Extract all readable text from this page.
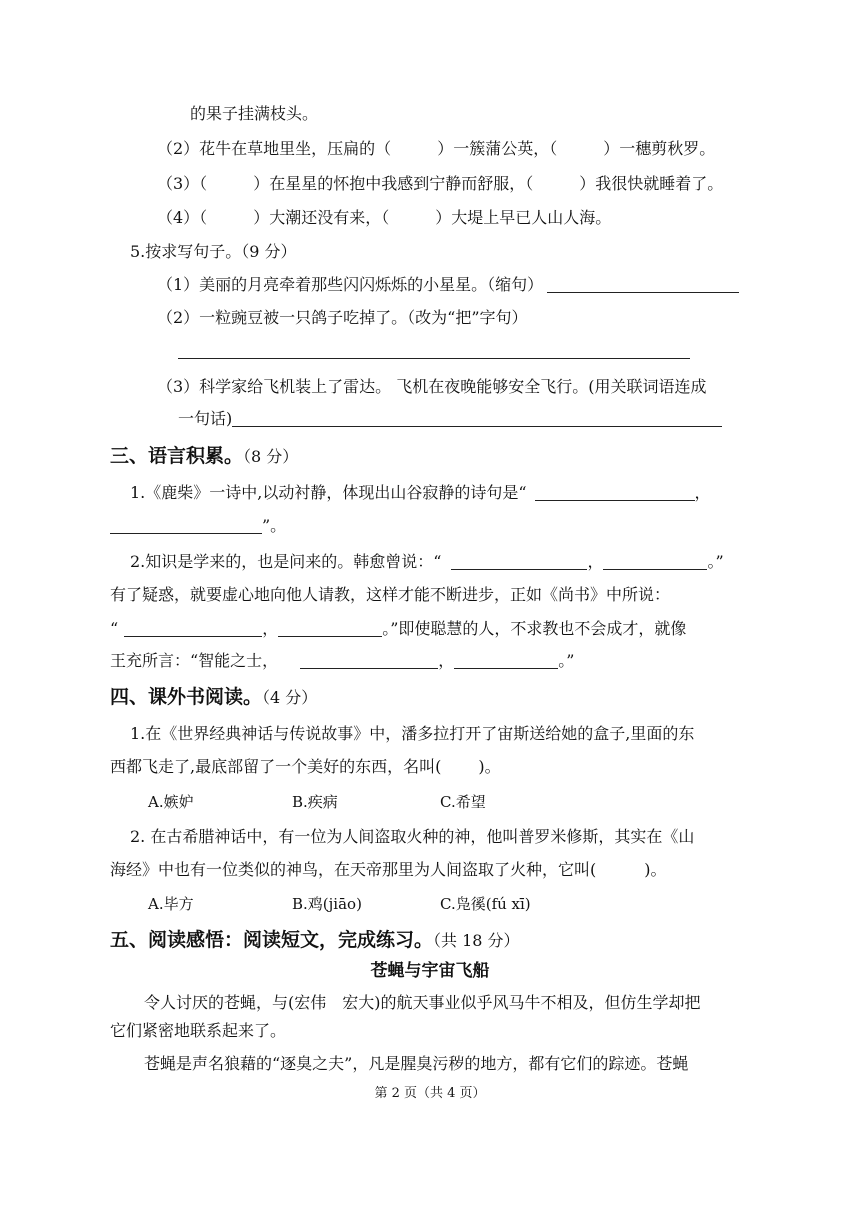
的果子挂满枝头。
（2）花牛在草地里坐，压扁的（	）一簇蒲公英，（	）一穗剪秋罗。
（3）（	）在星星的怀抱中我感到宁静而舒服，（	）我很快就睡着了。
（4）（	）大潮还没有来，（	）大堤上早已人山人海。
5.按求写句子。（9 分）
（1）美丽的月亮牵着那些闪闪烁烁的小星星。（缩句）
（2）一粒豌豆被一只鸽子吃掉了。（改为“把”字句）
（3）科学家给飞机装上了雷达。 飞机在夜晚能够安全飞行。(用关联词语连成
一句话)
三、语言积累。（8 分）
1.《鹿柴》一诗中,以动衬静，体现出山谷寂静的诗句是“	，
”。
2.知识是学来的，也是问来的。韩愈曾说：“	，	。”
有了疑惑，就要虚心地向他人请教，这样才能不断进步，正如《尚书》中所说：
“	，	。”即使聪慧的人，不求教也不会成才，就像
王充所言：“智能之士，	，	。”
四、课外书阅读。（4 分）
1.在《世界经典神话与传说故事》中，潘多拉打开了宙斯送给她的盒子,里面的东
西都飞走了,最底部留了一个美好的东西，名叫(　　 )。
A.嫉妒	B.疾病	C.希望
2. 在古希腊神话中，有一位为人间盗取火种的神，他叫普罗米修斯，其实在《山
海经》中也有一位类似的神鸟，在天帝那里为人间盗取了火种，它叫(　　　)。
A.毕方	B.鸡(jiāo)	C.凫徯(fú xī)
五、阅读感悟：阅读短文，完成练习。（共 18 分）
苍蝇与宇宙飞船
令人讨厌的苍蝇，与(宏伟　宏大)的航天事业似乎风马牛不相及，但仿生学却把
它们紧密地联系起来了。
苍蝇是声名狼藉的“逐臭之夫”，凡是腥臭污秽的地方，都有它们的踪迹。苍蝇
第 2 页（共 4 页）
